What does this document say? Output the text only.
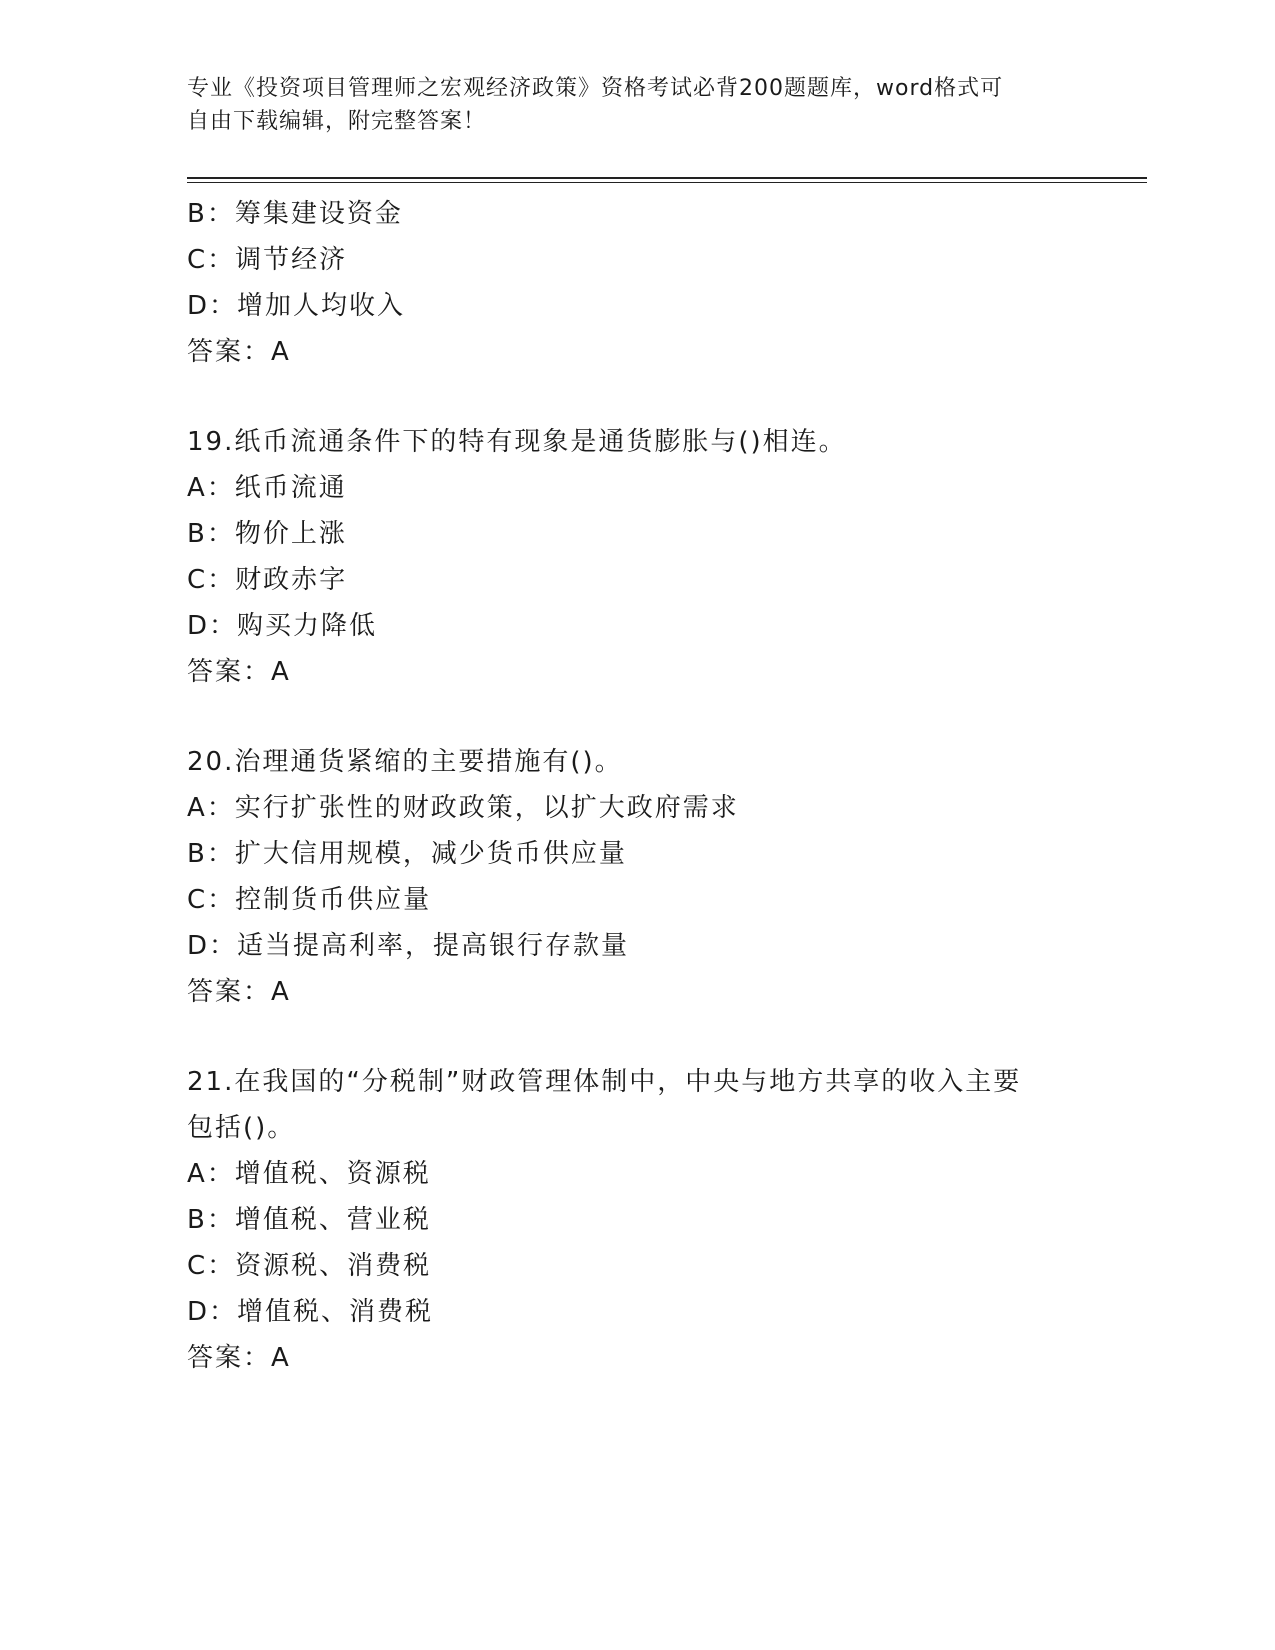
专业《投资项目管理师之宏观经济政策》资格考试必背200题题库，word格式可
自由下载编辑，附完整答案！
B：筹集建设资金
C：调节经济
D：增加人均收入
答案：A
19.纸币流通条件下的特有现象是通货膨胀与()相连。
A：纸币流通
B：物价上涨
C：财政赤字
D：购买力降低
答案：A
20.治理通货紧缩的主要措施有()。
A：实行扩张性的财政政策，以扩大政府需求
B：扩大信用规模，减少货币供应量
C：控制货币供应量
D：适当提高利率，提高银行存款量
答案：A
21.在我国的“分税制”财政管理体制中，中央与地方共享的收入主要
包括()。
A：增值税、资源税
B：增值税、营业税
C：资源税、消费税
D：增值税、消费税
答案：A
